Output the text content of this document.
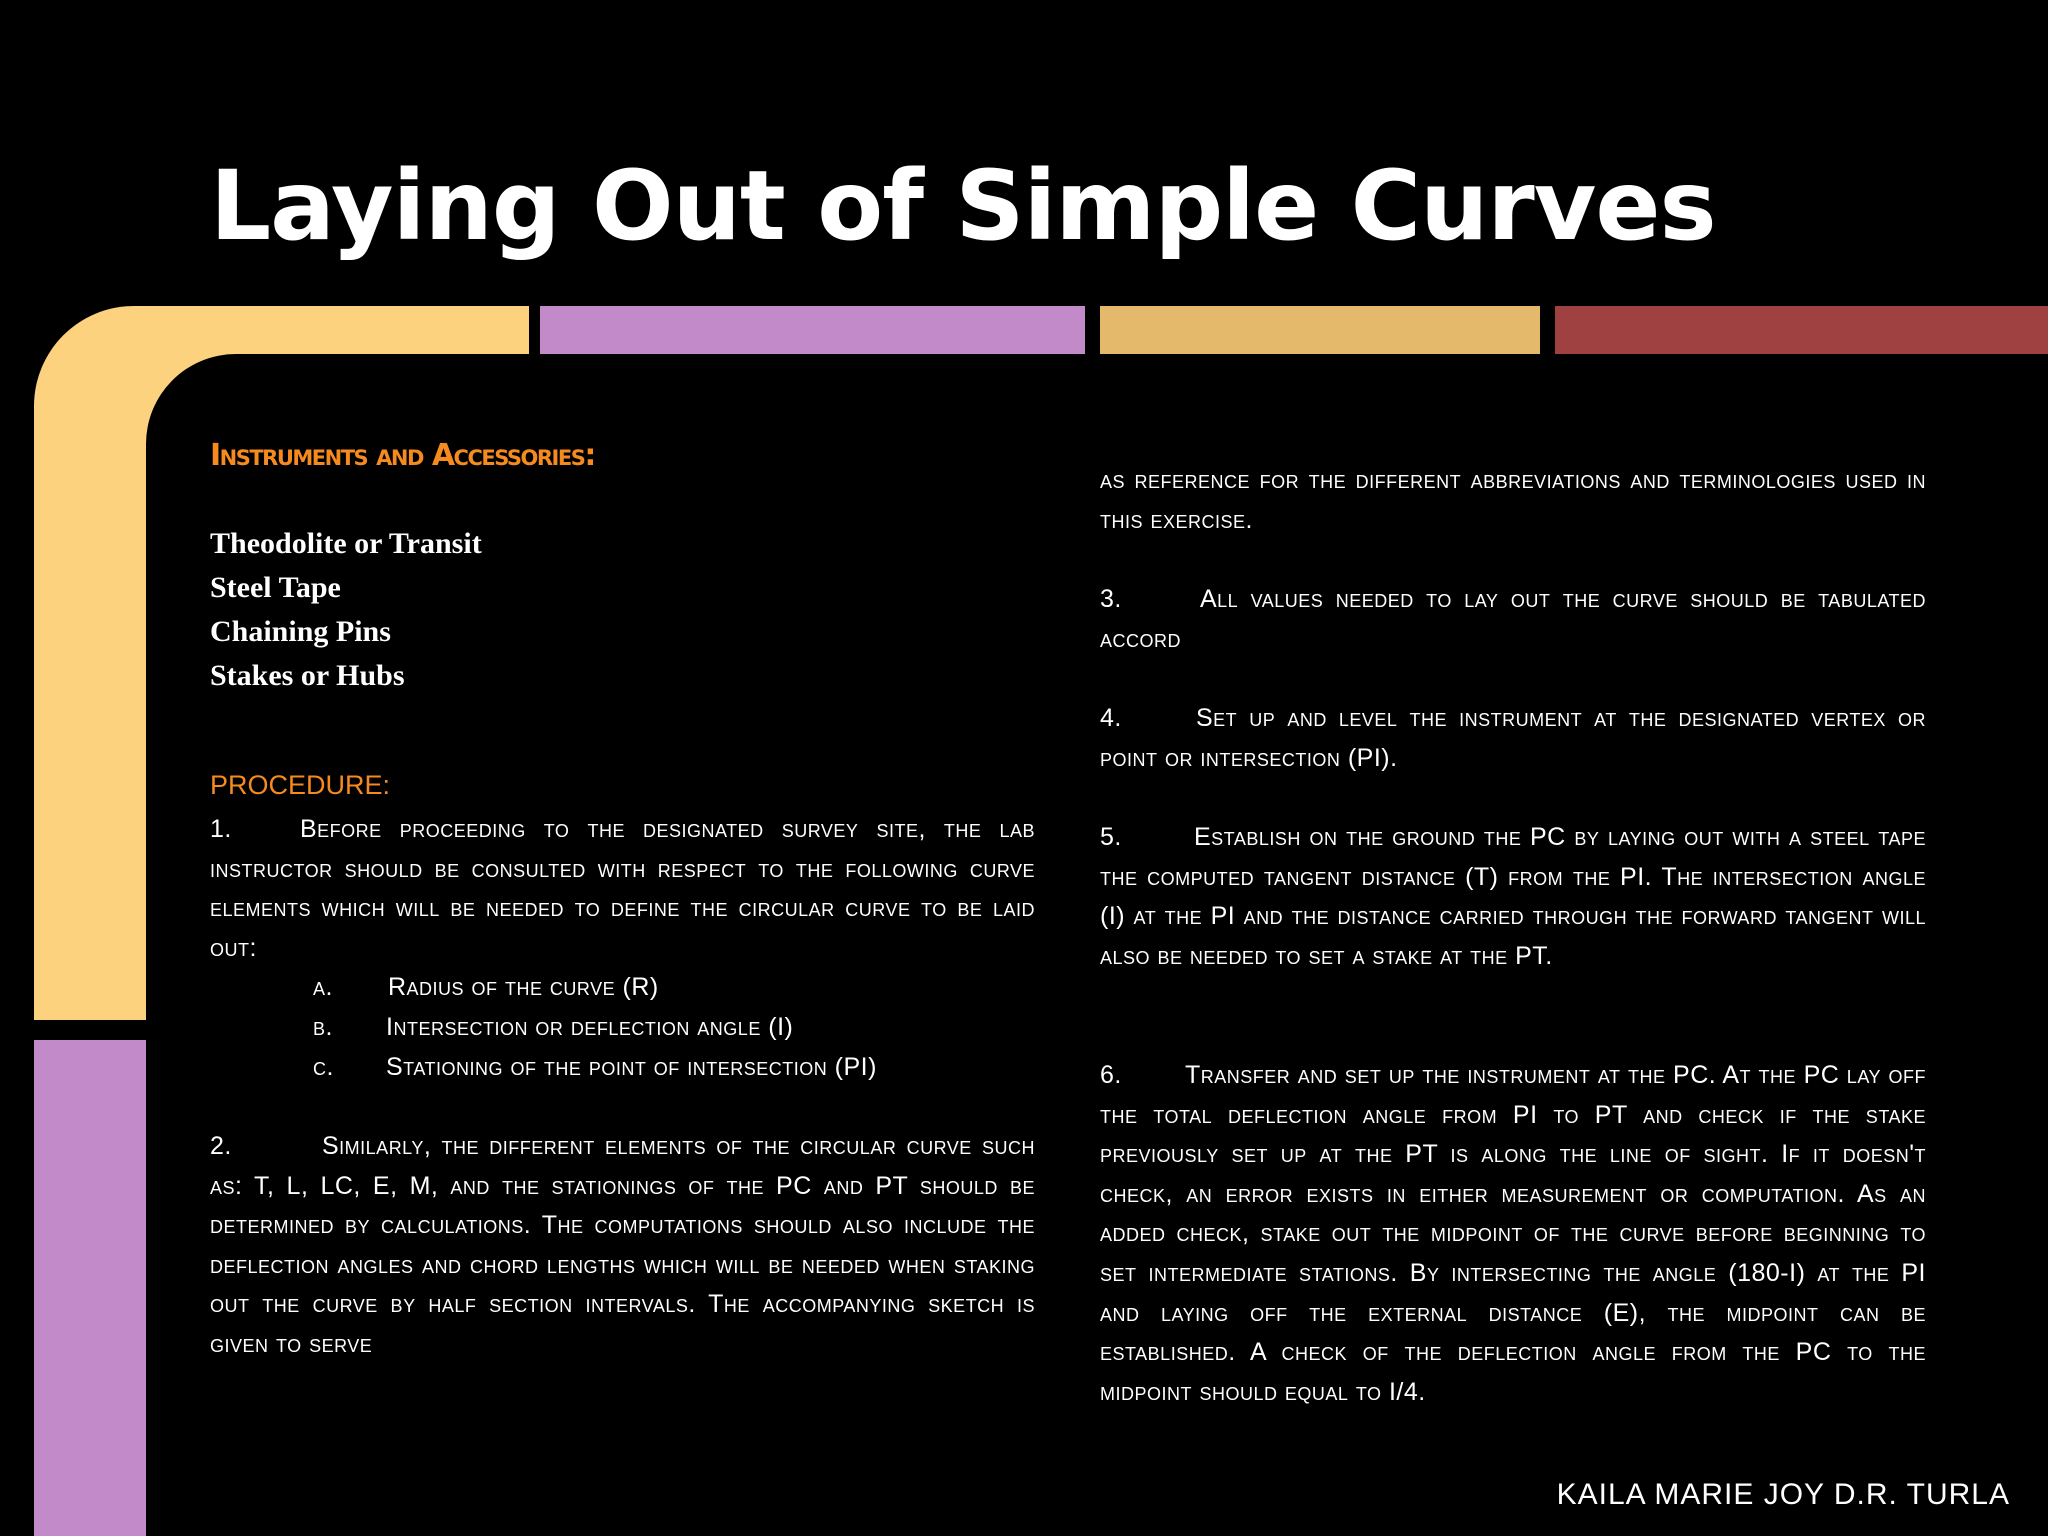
Laying Out of Simple Curves
Instruments and Accessories:
Theodolite or Transit
Steel Tape
Chaining Pins
Stakes or Hubs
PROCEDURE:
1.	Before proceeding to the designated survey site, the lab instructor should be consulted with respect to the following curve elements which will be needed to define the circular curve to be laid out:
a. Radius of the curve (R)
b. Intersection or deflection angle (I)
c. Stationing of the point of intersection (PI)
2.	Similarly, the different elements of the circular curve such as: T, L, LC, E, M, and the stationings of the PC and PT should be determined by calculations. The computations should also include the deflection angles and chord lengths which will be needed when staking out the curve by half section intervals. The accompanying sketch is given to serve
as reference for the different abbreviations and terminologies used in this exercise.
3.	All values needed to lay out the curve should be tabulated accord
4.	Set up and level the instrument at the designated vertex or point or intersection (PI).
5.	Establish on the ground the PC by laying out with a steel tape the computed tangent distance (T) from the PI. The intersection angle (I) at the PI and the distance carried through the forward tangent will also be needed to set a stake at the PT.
6.	Transfer and set up the instrument at the PC. At the PC lay off the total deflection angle from PI to PT and check if the stake previously set up at the PT is along the line of sight. If it doesn't check, an error exists in either measurement or computation. As an added check, stake out the midpoint of the curve before beginning to set intermediate stations. By intersecting the angle (180-I) at the PI and laying off the external distance (E), the midpoint can be established. A check of the deflection angle from the PC to the midpoint should equal to I/4.
KAILA MARIE JOY D.R. TURLA
